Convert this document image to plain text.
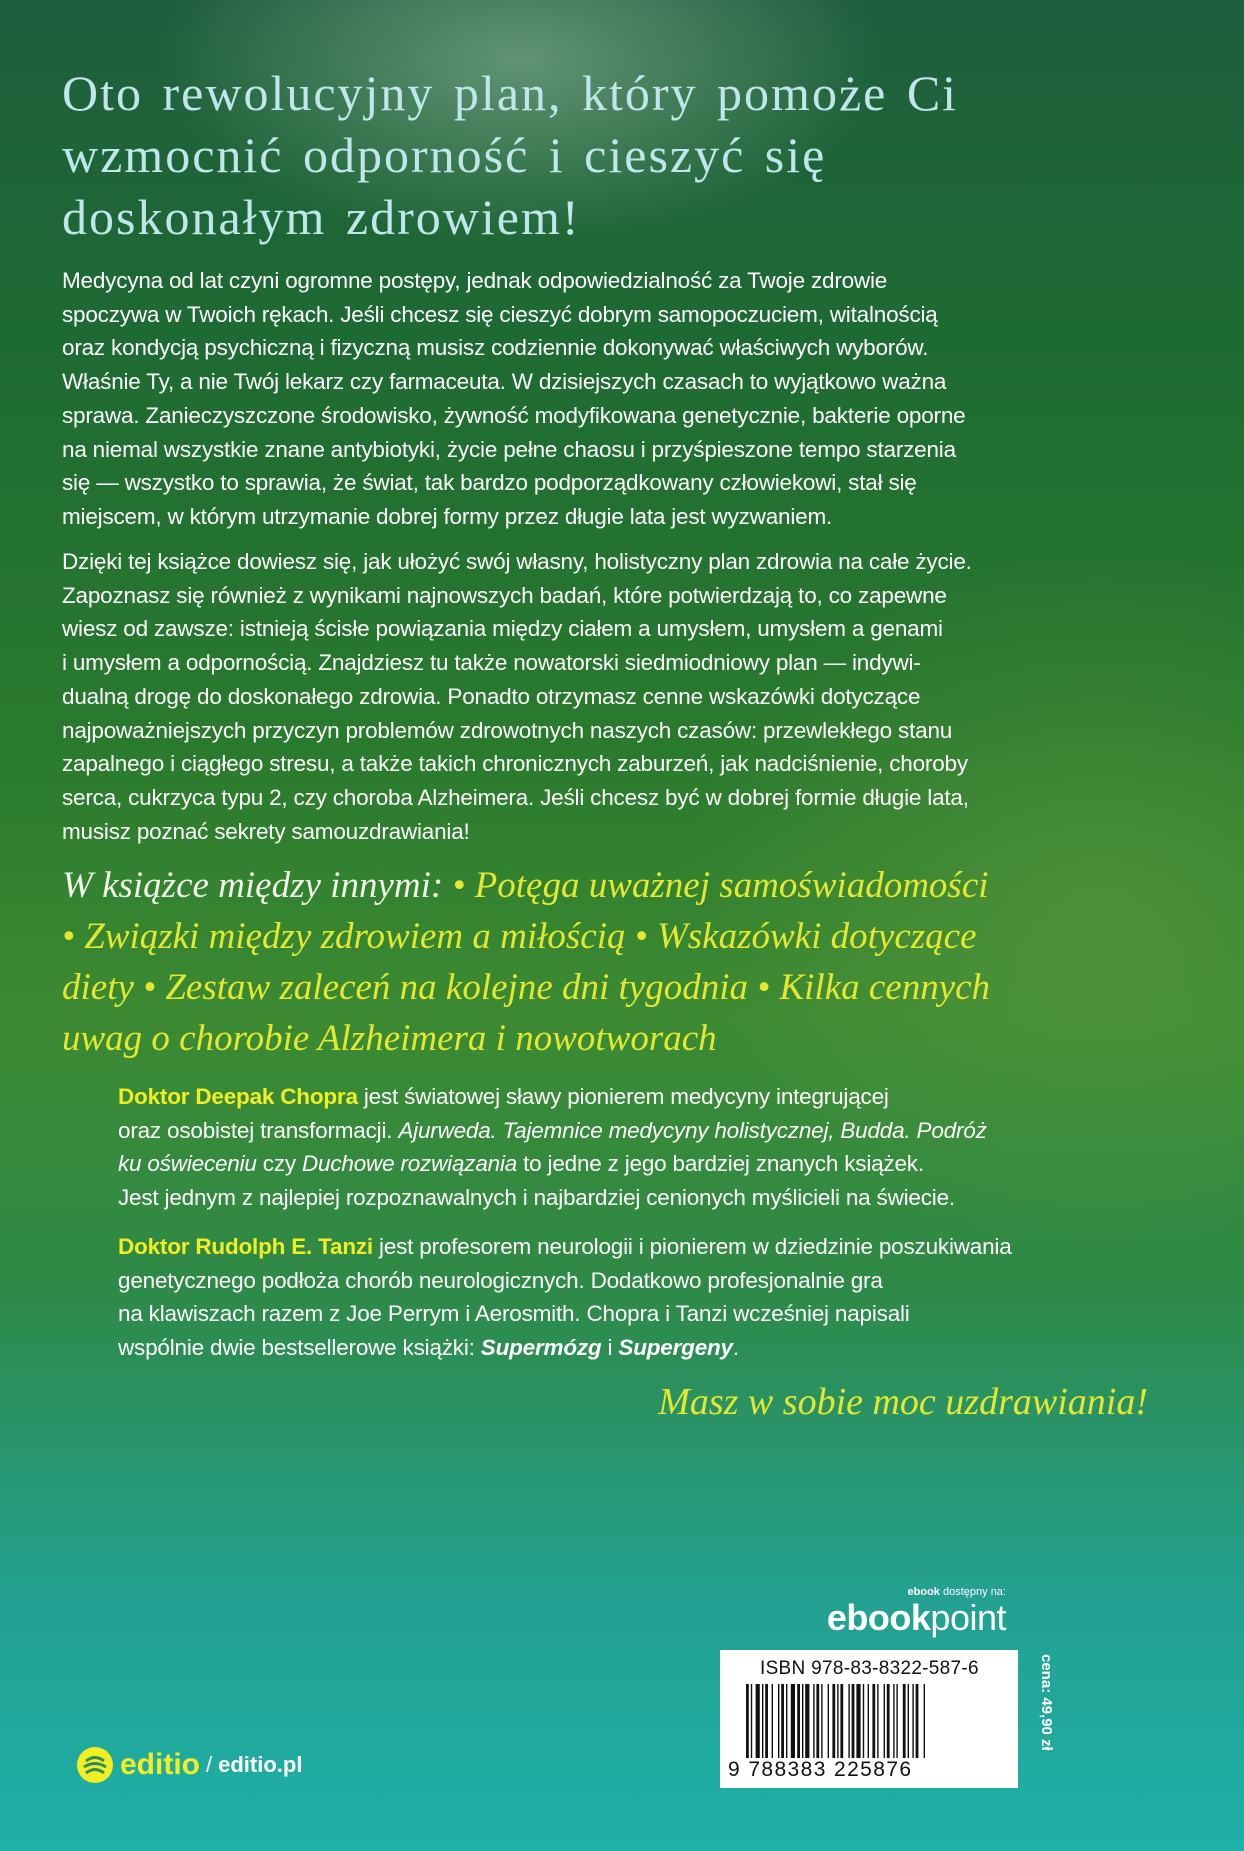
Oto rewolucyjny plan, który pomoże Ci
wzmocnić odporność i cieszyć się
doskonałym zdrowiem!

Medycyna od lat czyni ogromne postępy, jednak odpowiedzialność za Twoje zdrowie
spoczywa w Twoich rękach. Jeśli chcesz się cieszyć dobrym samopoczuciem, witalnością
oraz kondycją psychiczną i fizyczną musisz codziennie dokonywać właściwych wyborów.
Właśnie Ty, a nie Twój lekarz czy farmaceuta. W dzisiejszych czasach to wyjątkowo ważna
sprawa. Zanieczyszczone środowisko, żywność modyfikowana genetycznie, bakterie oporne
na niemal wszystkie znane antybiotyki, życie pełne chaosu i przyśpieszone tempo starzenia
się — wszystko to sprawia, że świat, tak bardzo podporządkowany człowiekowi, stał się
miejscem, w którym utrzymanie dobrej formy przez długie lata jest wyzwaniem.

Dzięki tej książce dowiesz się, jak ułożyć swój własny, holistyczny plan zdrowia na całe życie.
Zapoznasz się również z wynikami najnowszych badań, które potwierdzają to, co zapewne
wiesz od zawsze: istnieją ścisłe powiązania między ciałem a umysłem, umysłem a genami
i umysłem a odpornością. Znajdziesz tu także nowatorski siedmiodniowy plan — indywi-
dualną drogę do doskonałego zdrowia. Ponadto otrzymasz cenne wskazówki dotyczące
najpoważniejszych przyczyn problemów zdrowotnych naszych czasów: przewlekłego stanu
zapalnego i ciągłego stresu, a także takich chronicznych zaburzeń, jak nadciśnienie, choroby
serca, cukrzyca typu 2, czy choroba Alzheimera. Jeśli chcesz być w dobrej formie długie lata,
musisz poznać sekrety samouzdrawiania!

W książce między innymi: • Potęga uważnej samoświadomości
• Związki między zdrowiem a miłością • Wskazówki dotyczące
diety • Zestaw zaleceń na kolejne dni tygodnia • Kilka cennych
uwag o chorobie Alzheimera i nowotworach

Doktor Deepak Chopra jest światowej sławy pionierem medycyny integrującej
oraz osobistej transformacji. Ajurweda. Tajemnice medycyny holistycznej, Budda. Podróż
ku oświeceniu czy Duchowe rozwiązania to jedne z jego bardziej znanych książek.
Jest jednym z najlepiej rozpoznawalnych i najbardziej cenionych myślicieli na świecie.

Doktor Rudolph E. Tanzi jest profesorem neurologii i pionierem w dziedzinie poszukiwania
genetycznego podłoża chorób neurologicznych. Dodatkowo profesjonalnie gra
na klawiszach razem z Joe Perrym i Aerosmith. Chopra i Tanzi wcześniej napisali
wspólnie dwie bestsellerowe książki: Supermózg i Supergeny.

Masz w sobie moc uzdrawiania!

ebook dostępny na:
ebookpoint
ISBN 978-83-8322-587-6
9 788383 225876
cena: 49,90 zł
editio / editio.pl
